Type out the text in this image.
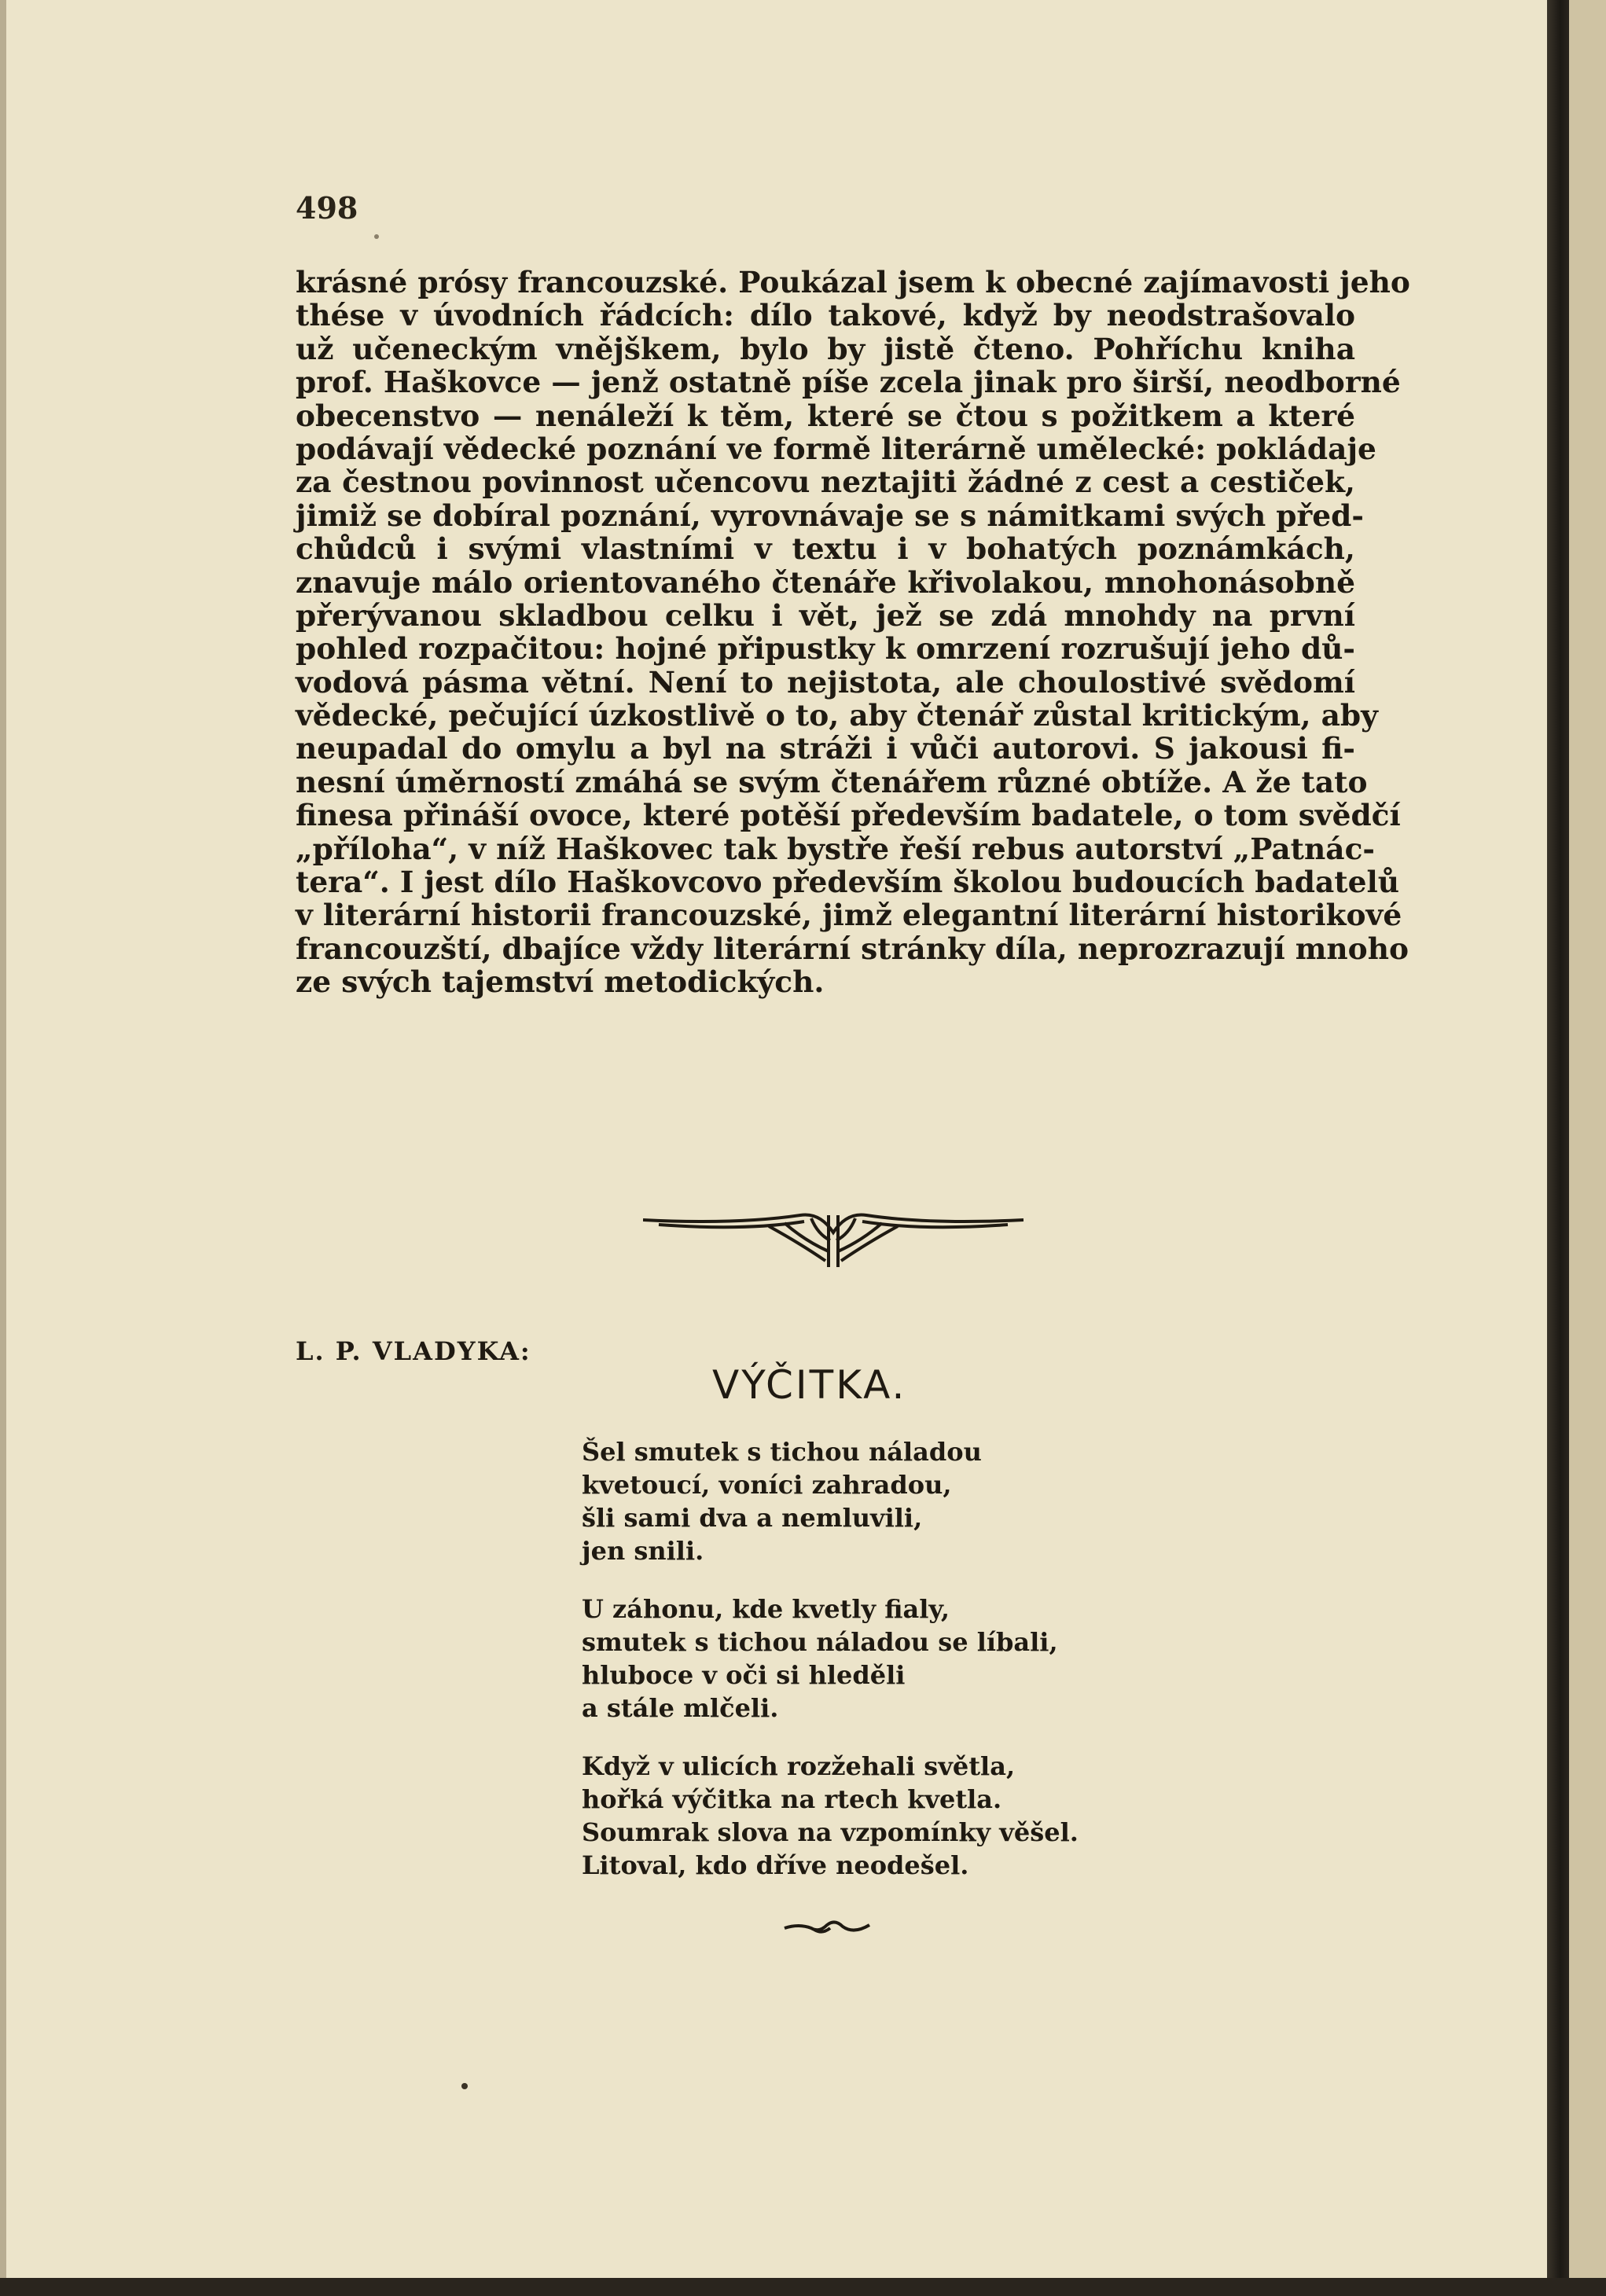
498
krásné prósy francouzské. Poukázal jsem k obecné zajímavosti jeho
thése v úvodních řádcích: dílo takové, když by neodstrašovalo
už učeneckým vnějškem, bylo by jistě čteno. Pohříchu kniha
prof. Haškovce — jenž ostatně píše zcela jinak pro širší, neodborné
obecenstvo — nenáleží k těm, které se čtou s požitkem a které
podávají vědecké poznání ve formě literárně umělecké: pokládaje
za čestnou povinnost učencovu neztajiti žádné z cest a cestiček,
jimiž se dobíral poznání, vyrovnávaje se s námitkami svých před-
chůdců i svými vlastními v textu i v bohatých poznámkách,
znavuje málo orientovaného čtenáře křivolakou, mnohonásobně
přerývanou skladbou celku i vět, jež se zdá mnohdy na první
pohled rozpačitou: hojné připustky k omrzení rozrušují jeho dů-
vodová pásma větní. Není to nejistota, ale choulostivé svědomí
vědecké, pečující úzkostlivě o to, aby čtenář zůstal kritickým, aby
neupadal do omylu a byl na stráži i vůči autorovi. S jakousi fi-
nesní úměrností zmáhá se svým čtenářem různé obtíže. A že tato
finesa přináší ovoce, které potěší především badatele, o tom svědčí
„příloha“, v níž Haškovec tak bystře řeší rebus autorství „Patnác-
tera“. I jest dílo Haškovcovo především školou budoucích badatelů
v literární historii francouzské, jimž elegantní literární historikové
francouzští, dbajíce vždy literární stránky díla, neprozrazují mnoho
ze svých tajemství metodických.
L. P. VLADYKA:
VÝČITKA.
Šel smutek s tichou náladou
kvetoucí, voníci zahradou,
šli sami dva a nemluvili,
jen snili.
U záhonu, kde kvetly fialy,
smutek s tichou náladou se líbali,
hluboce v oči si hleděli
a stále mlčeli.
Když v ulicích rozžehali světla,
hořká výčitka na rtech kvetla.
Soumrak slova na vzpomínky věšel.
Litoval, kdo dříve neodešel.
